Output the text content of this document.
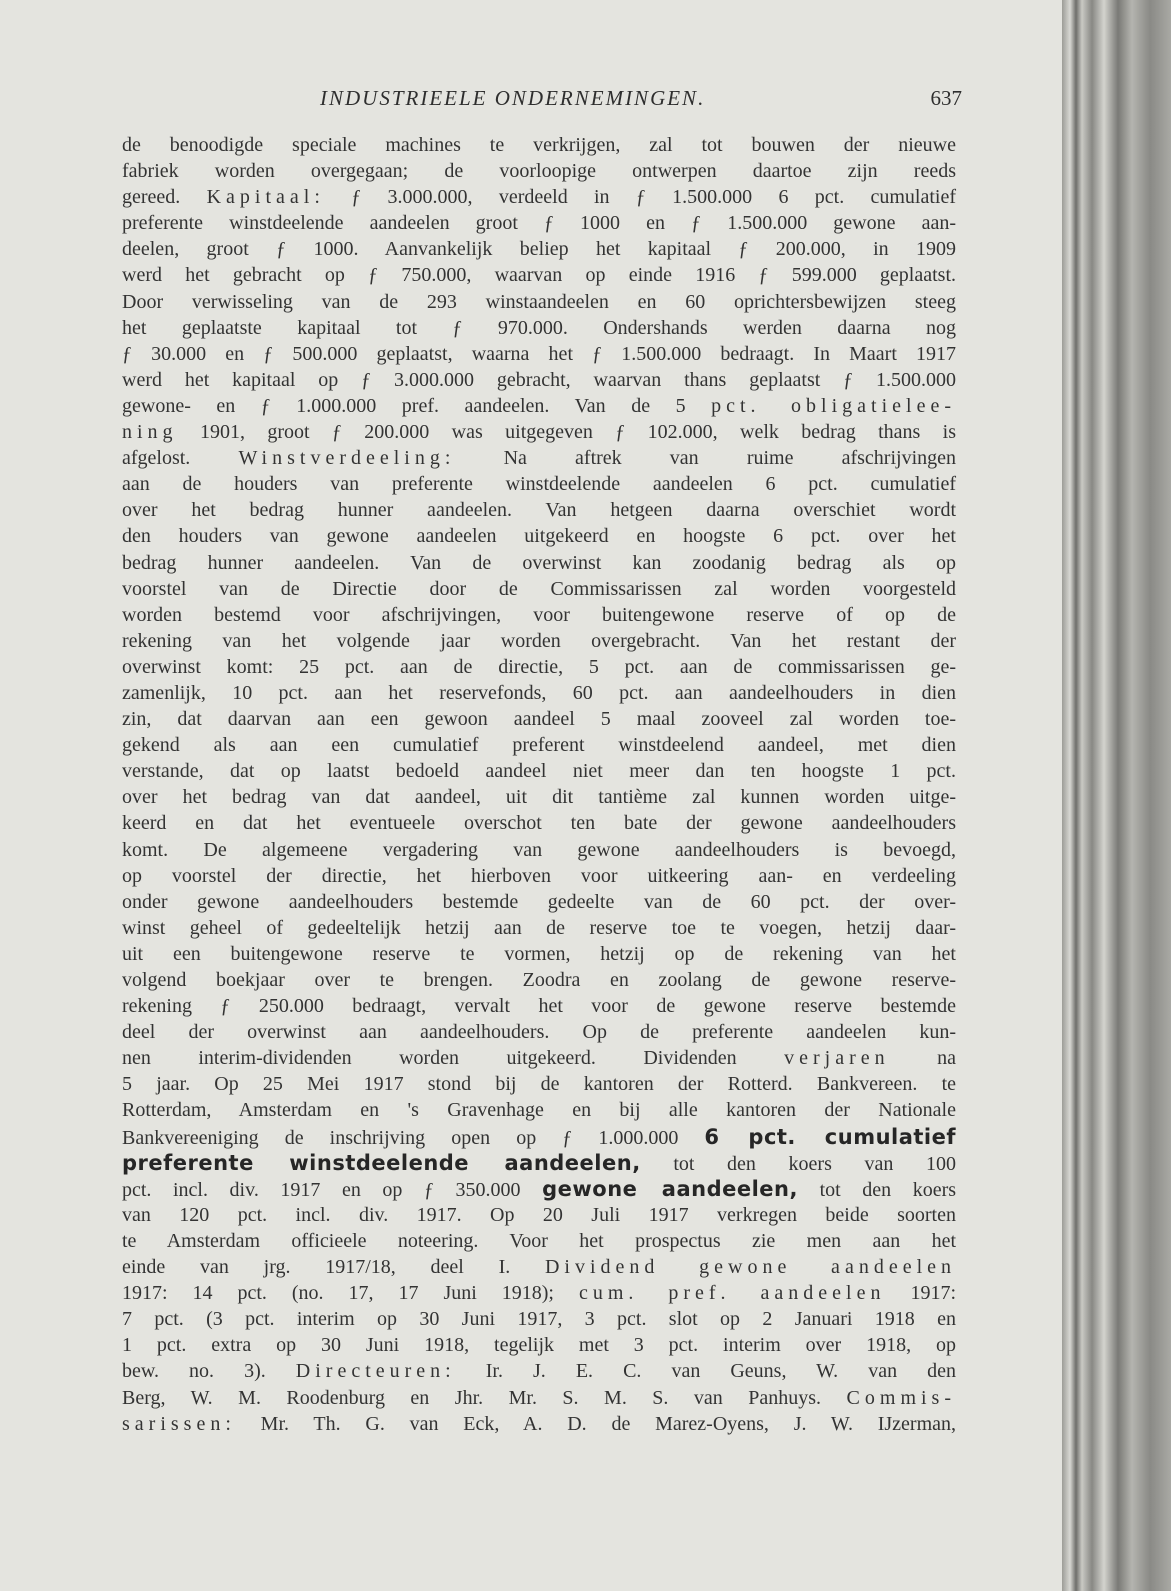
INDUSTRIEELE ONDERNEMINGEN.	637
de benoodigde speciale machines te verkrijgen, zal tot bouwen der nieuwe
fabriek worden overgegaan; de voorloopige ontwerpen daartoe zijn reeds
gereed. Kapitaal: ƒ 3.000.000, verdeeld in ƒ 1.500.000 6 pct. cumulatief
preferente winstdeelende aandeelen groot ƒ 1000 en ƒ 1.500.000 gewone aan-
deelen, groot ƒ 1000. Aanvankelijk beliep het kapitaal ƒ 200.000, in 1909
werd het gebracht op ƒ 750.000, waarvan op einde 1916 ƒ 599.000 geplaatst.
Door verwisseling van de 293 winstaandeelen en 60 oprichtersbewijzen steeg
het geplaatste kapitaal tot ƒ 970.000. Ondershands werden daarna nog
ƒ 30.000 en ƒ 500.000 geplaatst, waarna het ƒ 1.500.000 bedraagt. In Maart 1917
werd het kapitaal op ƒ 3.000.000 gebracht, waarvan thans geplaatst ƒ 1.500.000
gewone- en ƒ 1.000.000 pref. aandeelen. Van de 5 pct. obligatielee-
ning 1901, groot ƒ 200.000 was uitgegeven ƒ 102.000, welk bedrag thans is
afgelost. Winstverdeeling: Na aftrek van ruime afschrijvingen
aan de houders van preferente winstdeelende aandeelen 6 pct. cumulatief
over het bedrag hunner aandeelen. Van hetgeen daarna overschiet wordt
den houders van gewone aandeelen uitgekeerd en hoogste 6 pct. over het
bedrag hunner aandeelen. Van de overwinst kan zoodanig bedrag als op
voorstel van de Directie door de Commissarissen zal worden voorgesteld
worden bestemd voor afschrijvingen, voor buitengewone reserve of op de
rekening van het volgende jaar worden overgebracht. Van het restant der
overwinst komt: 25 pct. aan de directie, 5 pct. aan de commissarissen ge-
zamenlijk, 10 pct. aan het reservefonds, 60 pct. aan aandeelhouders in dien
zin, dat daarvan aan een gewoon aandeel 5 maal zooveel zal worden toe-
gekend als aan een cumulatief preferent winstdeelend aandeel, met dien
verstande, dat op laatst bedoeld aandeel niet meer dan ten hoogste 1 pct.
over het bedrag van dat aandeel, uit dit tantième zal kunnen worden uitge-
keerd en dat het eventueele overschot ten bate der gewone aandeelhouders
komt. De algemeene vergadering van gewone aandeelhouders is bevoegd,
op voorstel der directie, het hierboven voor uitkeering aan- en verdeeling
onder gewone aandeelhouders bestemde gedeelte van de 60 pct. der over-
winst geheel of gedeeltelijk hetzij aan de reserve toe te voegen, hetzij daar-
uit een buitengewone reserve te vormen, hetzij op de rekening van het
volgend boekjaar over te brengen. Zoodra en zoolang de gewone reserve-
rekening ƒ 250.000 bedraagt, vervalt het voor de gewone reserve bestemde
deel der overwinst aan aandeelhouders. Op de preferente aandeelen kun-
nen interim-dividenden worden uitgekeerd. Dividenden verjaren na
5 jaar. Op 25 Mei 1917 stond bij de kantoren der Rotterd. Bankvereen. te
Rotterdam, Amsterdam en 's Gravenhage en bij alle kantoren der Nationale
Bankvereeniging de inschrijving open op ƒ 1.000.000 6 pct. cumulatief
preferente winstdeelende aandeelen, tot den koers van 100
pct. incl. div. 1917 en op ƒ 350.000 gewone aandeelen, tot den koers
van 120 pct. incl. div. 1917. Op 20 Juli 1917 verkregen beide soorten
te Amsterdam officieele noteering. Voor het prospectus zie men aan het
einde van jrg. 1917/18, deel I. Dividend gewone aandeelen
1917: 14 pct. (no. 17, 17 Juni 1918); cum. pref. aandeelen 1917:
7 pct. (3 pct. interim op 30 Juni 1917, 3 pct. slot op 2 Januari 1918 en
1 pct. extra op 30 Juni 1918, tegelijk met 3 pct. interim over 1918, op
bew. no. 3). Directeuren: Ir. J. E. C. van Geuns, W. van den
Berg, W. M. Roodenburg en Jhr. Mr. S. M. S. van Panhuys. Commis-
sarissen: Mr. Th. G. van Eck, A. D. de Marez-Oyens, J. W. IJzerman,
